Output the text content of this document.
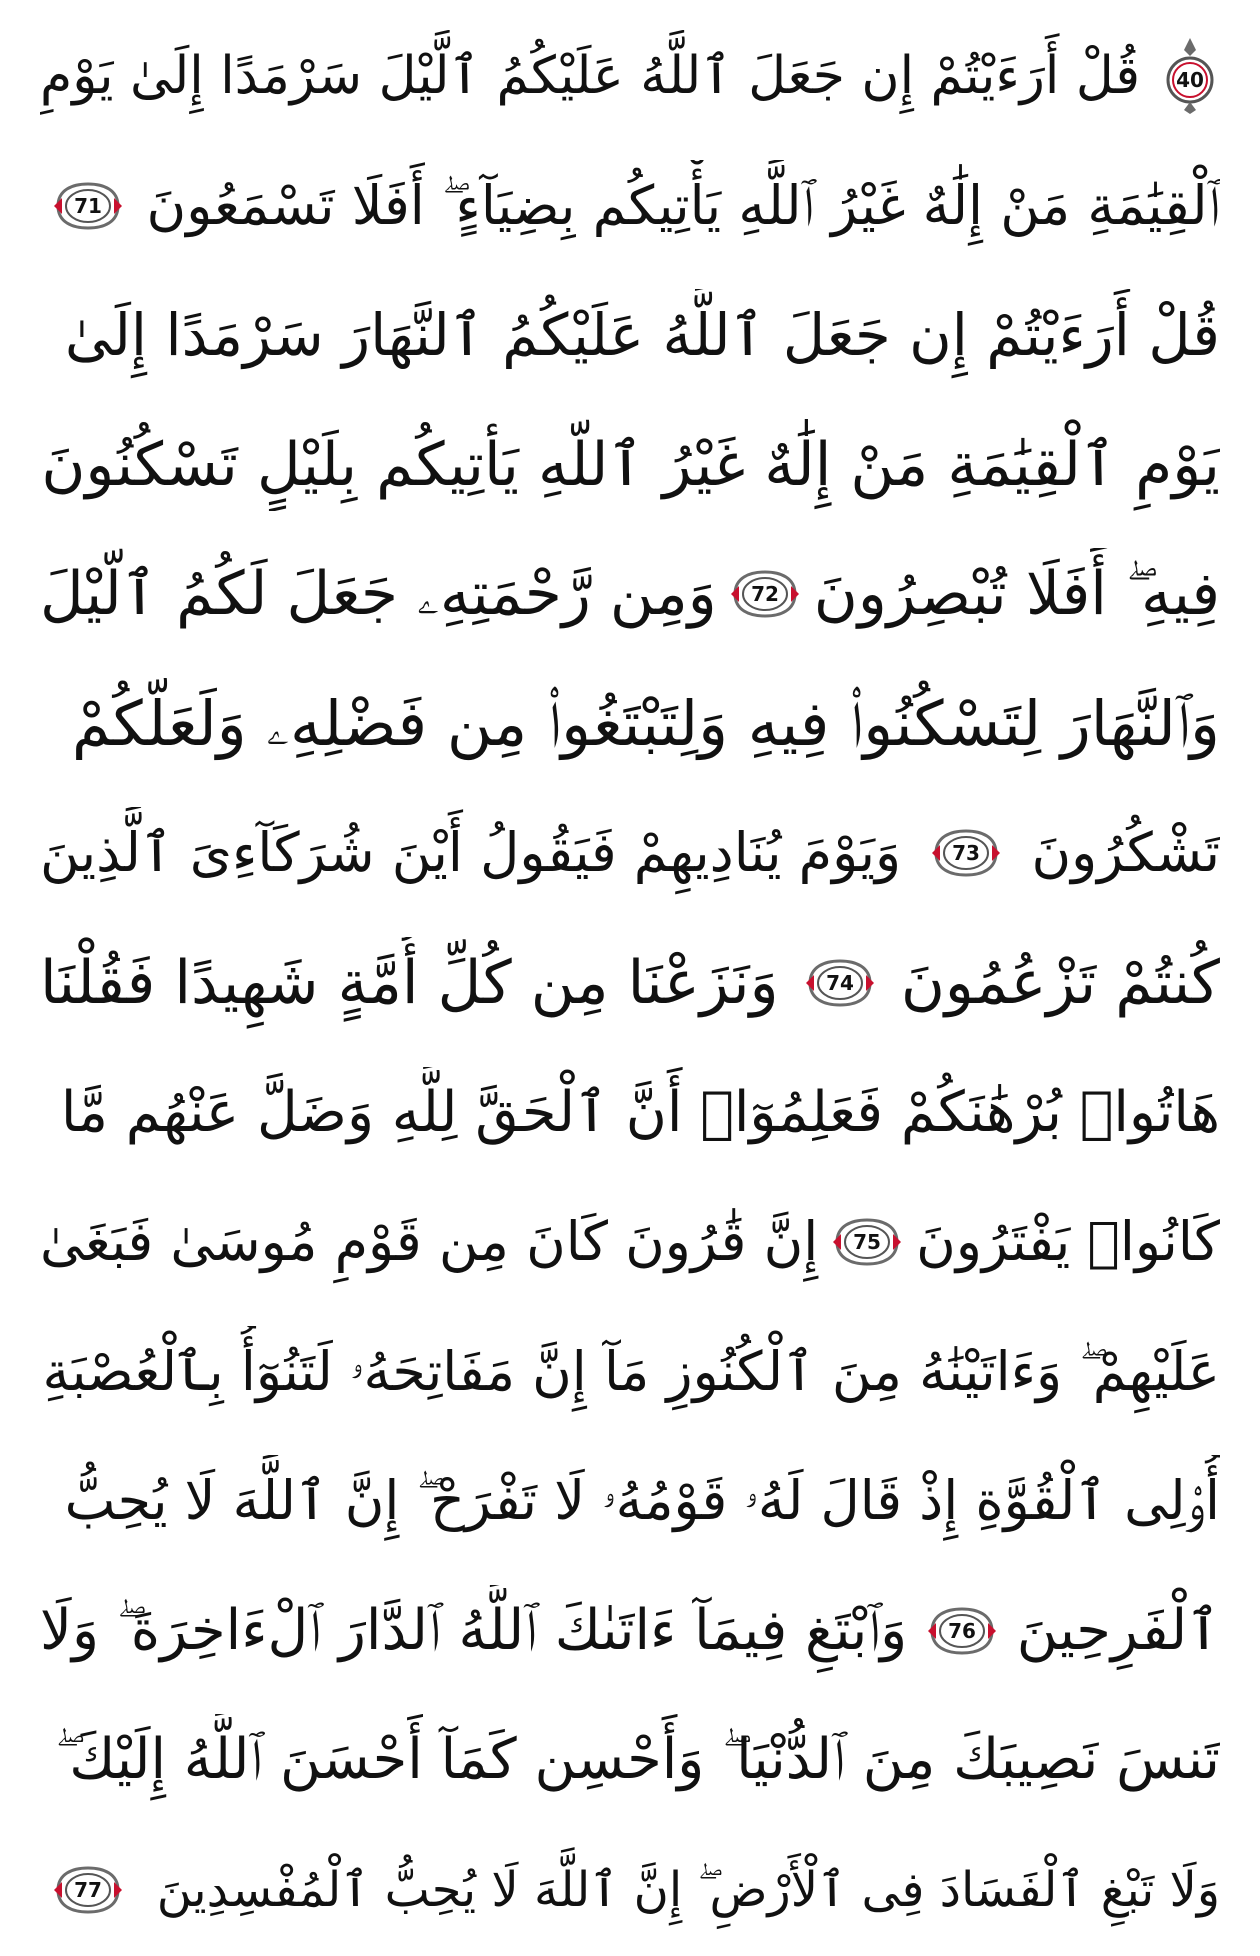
40
قُلْ أَرَءَيْتُمْ إِن جَعَلَ ٱللَّهُ عَلَيْكُمُ ٱلَّيْلَ سَرْمَدًا إِلَىٰ يَوْمِ
ٱلْقِيَٰمَةِ مَنْ إِلَٰهٌ غَيْرُ ٱللَّهِ يَأْتِيكُم بِضِيَآءٍ ۖ أَفَلَا تَسْمَعُونَ
71
قُلْ أَرَءَيْتُمْ إِن جَعَلَ ٱللَّهُ عَلَيْكُمُ ٱلنَّهَارَ سَرْمَدًا إِلَىٰ
يَوْمِ ٱلْقِيَٰمَةِ مَنْ إِلَٰهٌ غَيْرُ ٱللَّهِ يَأْتِيكُم بِلَيْلٍ تَسْكُنُونَ
فِيهِ ۖ أَفَلَا تُبْصِرُونَ
72
وَمِن رَّحْمَتِهِۦ جَعَلَ لَكُمُ ٱلَّيْلَ
وَٱلنَّهَارَ لِتَسْكُنُوا۟ فِيهِ وَلِتَبْتَغُوا۟ مِن فَضْلِهِۦ وَلَعَلَّكُمْ
تَشْكُرُونَ
73
وَيَوْمَ يُنَادِيهِمْ فَيَقُولُ أَيْنَ شُرَكَآءِىَ ٱلَّذِينَ
كُنتُمْ تَزْعُمُونَ
74
وَنَزَعْنَا مِن كُلِّ أُمَّةٍ شَهِيدًا فَقُلْنَا
هَاتُوا۟ بُرْهَٰنَكُمْ فَعَلِمُوٓا۟ أَنَّ ٱلْحَقَّ لِلَّهِ وَضَلَّ عَنْهُم مَّا
كَانُوا۟ يَفْتَرُونَ
75
إِنَّ قَٰرُونَ كَانَ مِن قَوْمِ مُوسَىٰ فَبَغَىٰ
عَلَيْهِمْ ۖ وَءَاتَيْنَٰهُ مِنَ ٱلْكُنُوزِ مَآ إِنَّ مَفَاتِحَهُۥ لَتَنُوٓأُ بِٱلْعُصْبَةِ
أُو۟لِى ٱلْقُوَّةِ إِذْ قَالَ لَهُۥ قَوْمُهُۥ لَا تَفْرَحْ ۖ إِنَّ ٱللَّهَ لَا يُحِبُّ
ٱلْفَرِحِينَ
76
وَٱبْتَغِ فِيمَآ ءَاتَىٰكَ ٱللَّهُ ٱلدَّارَ ٱلْءَاخِرَةَ ۖ وَلَا
تَنسَ نَصِيبَكَ مِنَ ٱلدُّنْيَا ۖ وَأَحْسِن كَمَآ أَحْسَنَ ٱللَّهُ إِلَيْكَ ۖ
وَلَا تَبْغِ ٱلْفَسَادَ فِى ٱلْأَرْضِ ۖ إِنَّ ٱللَّهَ لَا يُحِبُّ ٱلْمُفْسِدِينَ
77
